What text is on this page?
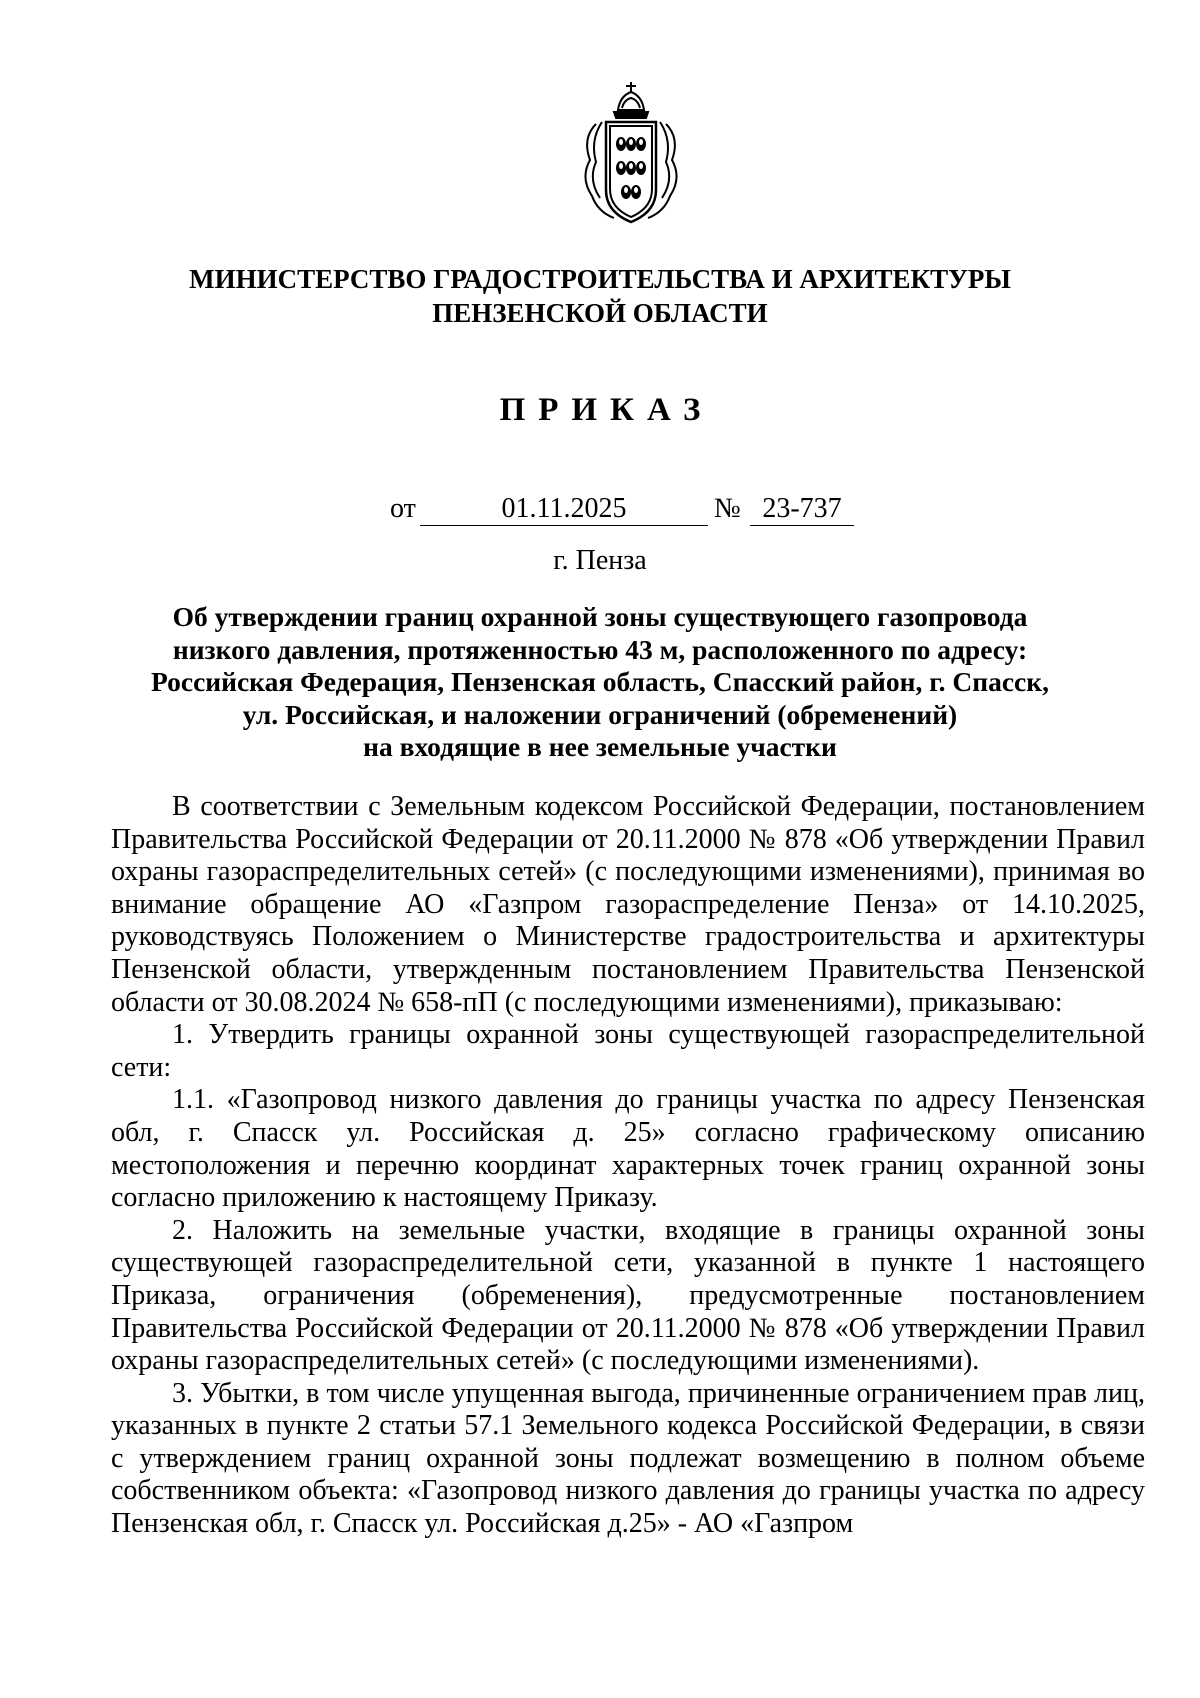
МИНИСТЕРСТВО ГРАДОСТРОИТЕЛЬСТВА И АРХИТЕКТУРЫ
ПЕНЗЕНСКОЙ ОБЛАСТИ
ПРИКАЗ
от	01.11.2025	№ 23-737
г. Пенза
Об утверждении границ охранной зоны существующего газопровода
низкого давления, протяженностью 43 м, расположенного по адресу:
Российская Федерация, Пензенская область, Спасский район, г. Спасск,
ул. Российская, и наложении ограничений (обременений)
на входящие в нее земельные участки

В соответствии с Земельным кодексом Российской Федерации, постановлением Правительства Российской Федерации от 20.11.2000 № 878 «Об утверждении Правил охраны газораспределительных сетей» (с последующими изменениями), принимая во внимание обращение АО «Газпром газораспределение Пенза» от 14.10.2025, руководствуясь Положением о Министерстве градостроительства и архитектуры Пензенской области, утвержденным постановлением Правительства Пензенской области от 30.08.2024 № 658-пП (с последующими изменениями), приказываю:

1. Утвердить границы охранной зоны существующей газораспределительной сети:

1.1. «Газопровод низкого давления до границы участка по адресу Пензенская обл, г. Спасск ул. Российская д. 25» согласно графическому описанию местоположения и перечню координат характерных точек границ охранной зоны согласно приложению к настоящему Приказу.

2. Наложить на земельные участки, входящие в границы охранной зоны существующей газораспределительной сети, указанной в пункте 1 настоящего Приказа, ограничения (обременения), предусмотренные постановлением Правительства Российской Федерации от 20.11.2000 № 878 «Об утверждении Правил охраны газораспределительных сетей» (с последующими изменениями).

3. Убытки, в том числе упущенная выгода, причиненные ограничением прав лиц, указанных в пункте 2 статьи 57.1 Земельного кодекса Российской Федерации, в связи с утверждением границ охранной зоны подлежат возмещению в полном объеме собственником объекта: «Газопровод низкого давления до границы участка по адресу Пензенская обл, г. Спасск ул. Российская д.25» - АО «Газпром
